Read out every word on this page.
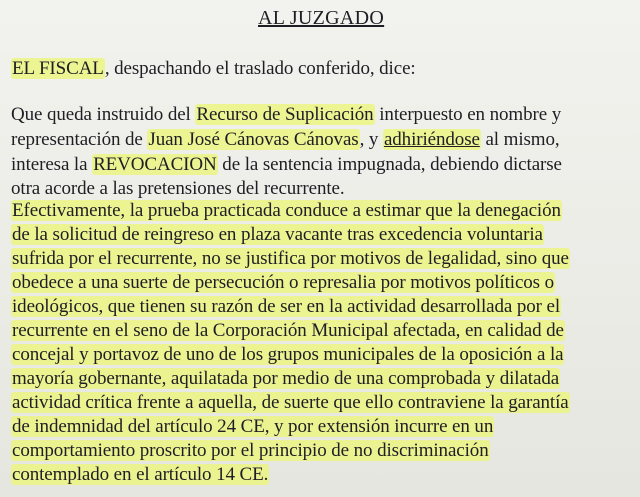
AL JUZGADO
EL FISCAL, despachando el traslado conferido, dice:
Que queda instruido del Recurso de Suplicación interpuesto en nombre y
representación de Juan José Cánovas Cánovas, y adhiriéndose al mismo,
interesa la REVOCACION de la sentencia impugnada, debiendo dictarse
otra acorde a las pretensiones del recurrente.
Efectivamente, la prueba practicada conduce a estimar que la denegación
de la solicitud de reingreso en plaza vacante tras excedencia voluntaria
sufrida por el recurrente, no se justifica por motivos de legalidad, sino que
obedece a una suerte de persecución o represalia por motivos políticos o
ideológicos, que tienen su razón de ser en la actividad desarrollada por el
recurrente en el seno de la Corporación Municipal afectada, en calidad de
concejal y portavoz de uno de los grupos municipales de la oposición a la
mayoría gobernante, aquilatada por medio de una comprobada y dilatada
actividad crítica frente a aquella, de suerte que ello contraviene la garantía
de indemnidad del artículo 24 CE, y por extensión incurre en un
comportamiento proscrito por el principio de no discriminación
contemplado en el artículo 14 CE.
